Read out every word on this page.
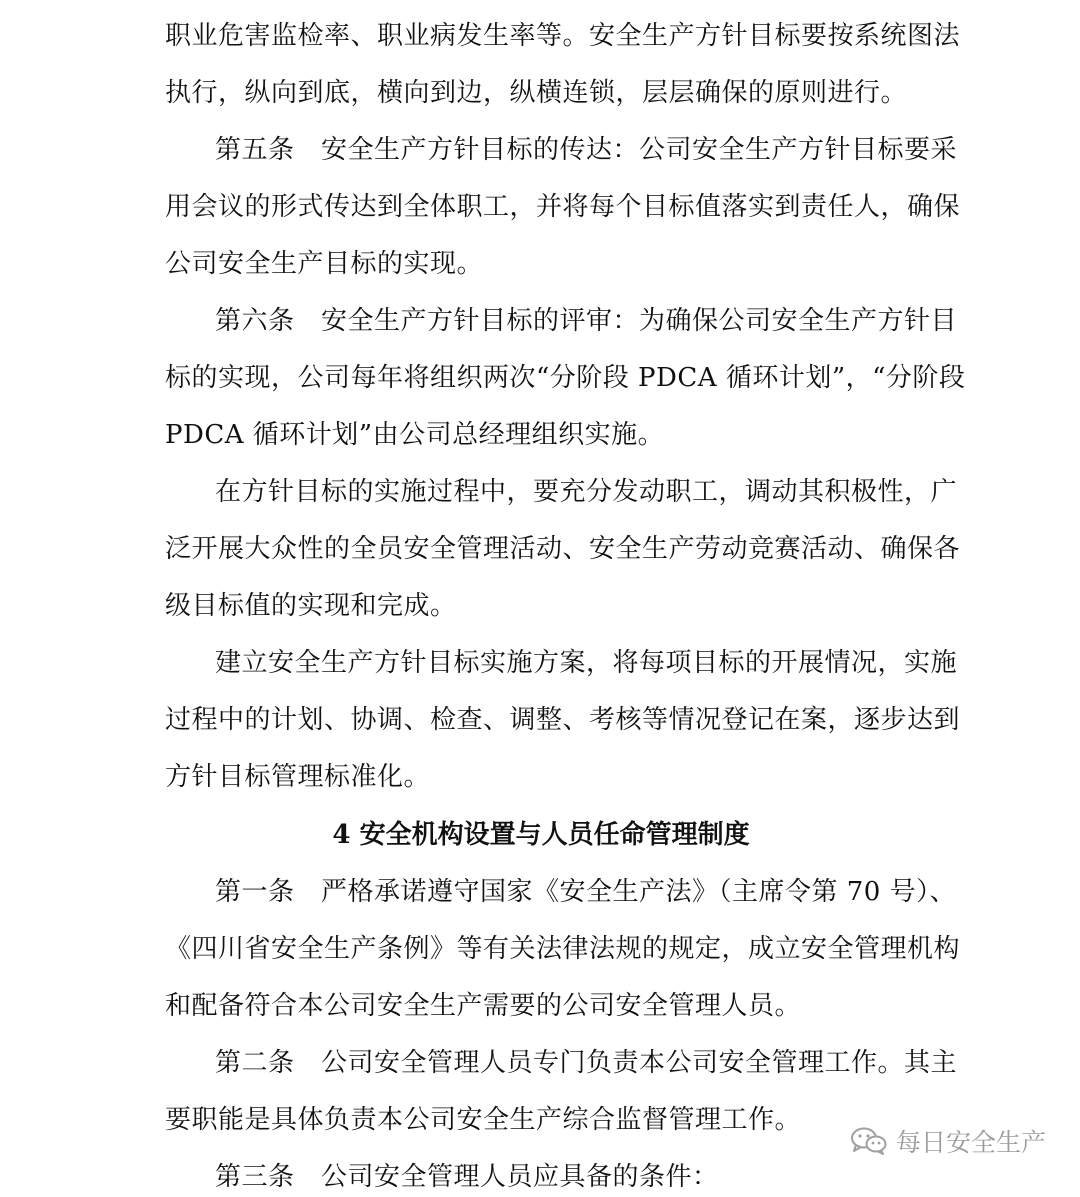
职业危害监检率、职业病发生率等。安全生产方针目标要按系统图法
执行，纵向到底，横向到边，纵横连锁，层层确保的原则进行。
第五条　安全生产方针目标的传达：公司安全生产方针目标要采
用会议的形式传达到全体职工，并将每个目标值落实到责任人，确保
公司安全生产目标的实现。
第六条　安全生产方针目标的评审：为确保公司安全生产方针目
标的实现，公司每年将组织两次“分阶段 PDCA 循环计划”，“分阶段
PDCA 循环计划”由公司总经理组织实施。
在方针目标的实施过程中，要充分发动职工，调动其积极性，广
泛开展大众性的全员安全管理活动、安全生产劳动竞赛活动、确保各
级目标值的实现和完成。
建立安全生产方针目标实施方案，将每项目标的开展情况，实施
过程中的计划、协调、检查、调整、考核等情况登记在案，逐步达到
方针目标管理标准化。
4 安全机构设置与人员任命管理制度
第一条　严格承诺遵守国家《安全生产法》（主席令第 70 号）、
《四川省安全生产条例》等有关法律法规的规定，成立安全管理机构
和配备符合本公司安全生产需要的公司安全管理人员。
第二条　公司安全管理人员专门负责本公司安全管理工作。其主
要职能是具体负责本公司安全生产综合监督管理工作。
第三条　公司安全管理人员应具备的条件：
每日安全生产
